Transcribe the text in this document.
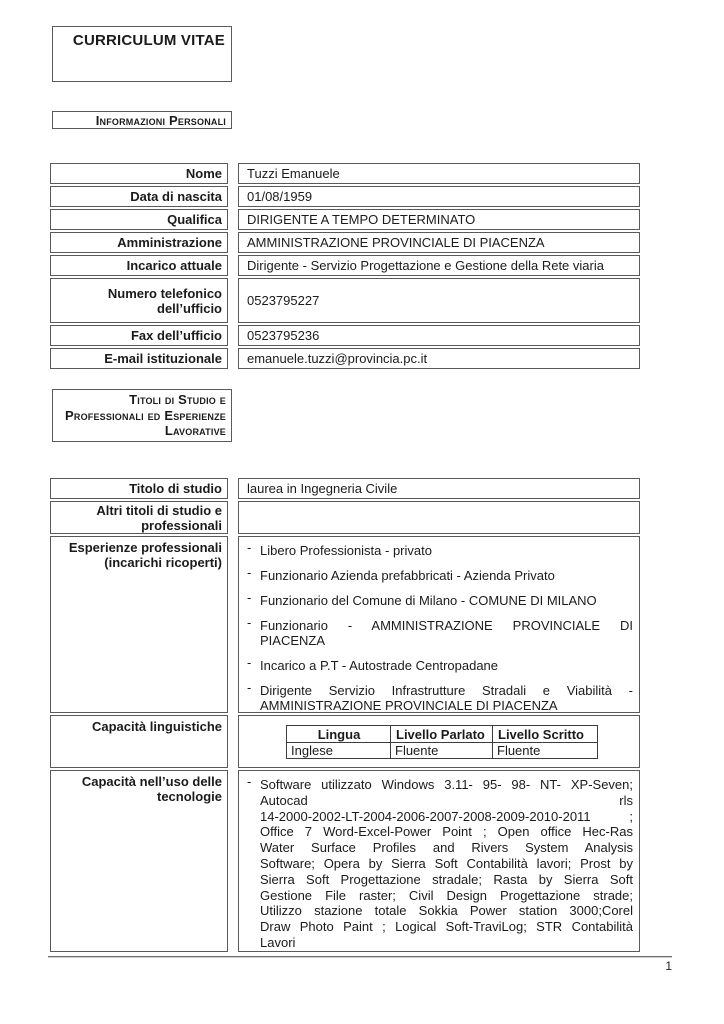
CURRICULUM VITAE
Informazioni Personali
Nome Tuzzi Emanuele
Data di nascita 01/08/1959
Qualifica DIRIGENTE A TEMPO DETERMINATO
Amministrazione AMMINISTRAZIONE PROVINCIALE DI PIACENZA
Incarico attuale Dirigente - Servizio Progettazione e Gestione della Rete viaria
Numero telefonico dell’ufficio 0523795227
Fax dell’ufficio 0523795236
E-mail istituzionale emanuele.tuzzi@provincia.pc.it
Titoli di Studio e Professionali ed Esperienze Lavorative
Titolo di studio laurea in Ingegneria Civile
Altri titoli di studio e professionali
Esperienze professionali (incarichi ricoperti)
- Libero Professionista - privato
- Funzionario Azienda prefabbricati - Azienda Privato
- Funzionario del Comune di Milano - COMUNE DI MILANO
- Funzionario - AMMINISTRAZIONE PROVINCIALE DI
PIACENZA
- Incarico a P.T - Autostrade Centropadane
- Dirigente Servizio Infrastrutture Stradali e Viabilità -
AMMINISTRAZIONE PROVINCIALE DI PIACENZA
Capacità linguistiche	Lingua	Livello Parlato	Livello Scritto
Inglese	Fluente	Fluente
Capacità nell’uso delle tecnologie
- Software utilizzato Windows 3.11- 95- 98- NT- XP-Seven;
Autocad rls
14-2000-2002-LT-2004-2006-2007-2008-2009-2010-2011 ;
Office 7 Word-Excel-Power Point ; Open office Hec-Ras
Water Surface Profiles and Rivers System Analysis
Software; Opera by Sierra Soft Contabilità lavori; Prost by
Sierra Soft Progettazione stradale; Rasta by Sierra Soft
Gestione File raster; Civil Design Progettazione strade;
Utilizzo stazione totale Sokkia Power station 3000;Corel
Draw Photo Paint ; Logical Soft-TraviLog; STR Contabilità
Lavori
1
